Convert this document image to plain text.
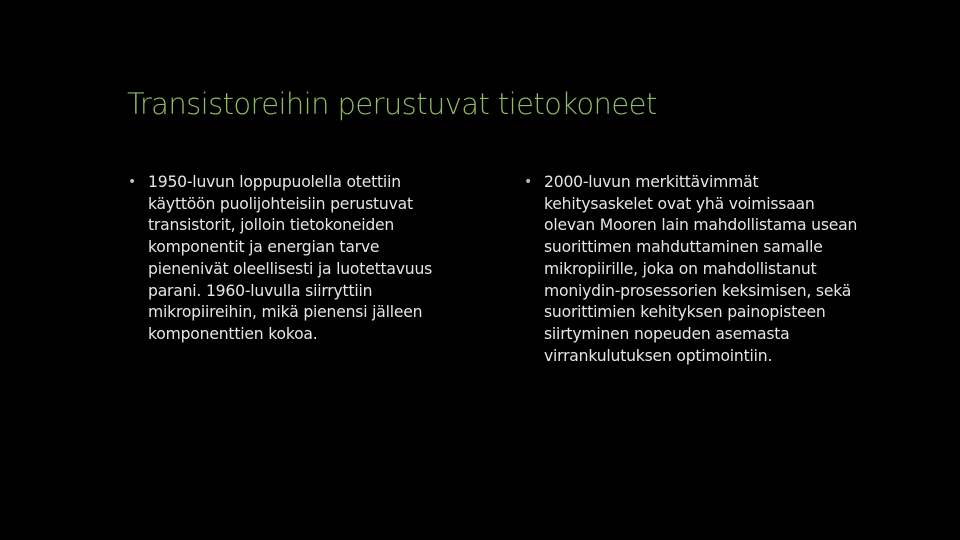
Transistoreihin perustuvat tietokoneet
• 1950-luvun loppupuolella otettiin käyttöön puolijohteisiin perustuvat transistorit, jolloin tietokoneiden komponentit ja energian tarve pienenivät oleellisesti ja luotettavuus parani. 1960-luvulla siirryttiin mikropiireihin, mikä pienensi jälleen komponenttien kokoa.
• 2000-luvun merkittävimmät kehitysaskelet ovat yhä voimissaan olevan Mooren lain mahdollistama usean suorittimen mahduttaminen samalle mikropiirille, joka on mahdollistanut moniydin-prosessorien keksimisen, sekä suorittimien kehityksen painopisteen siirtyminen nopeuden asemasta virrankulutuksen optimointiin.
